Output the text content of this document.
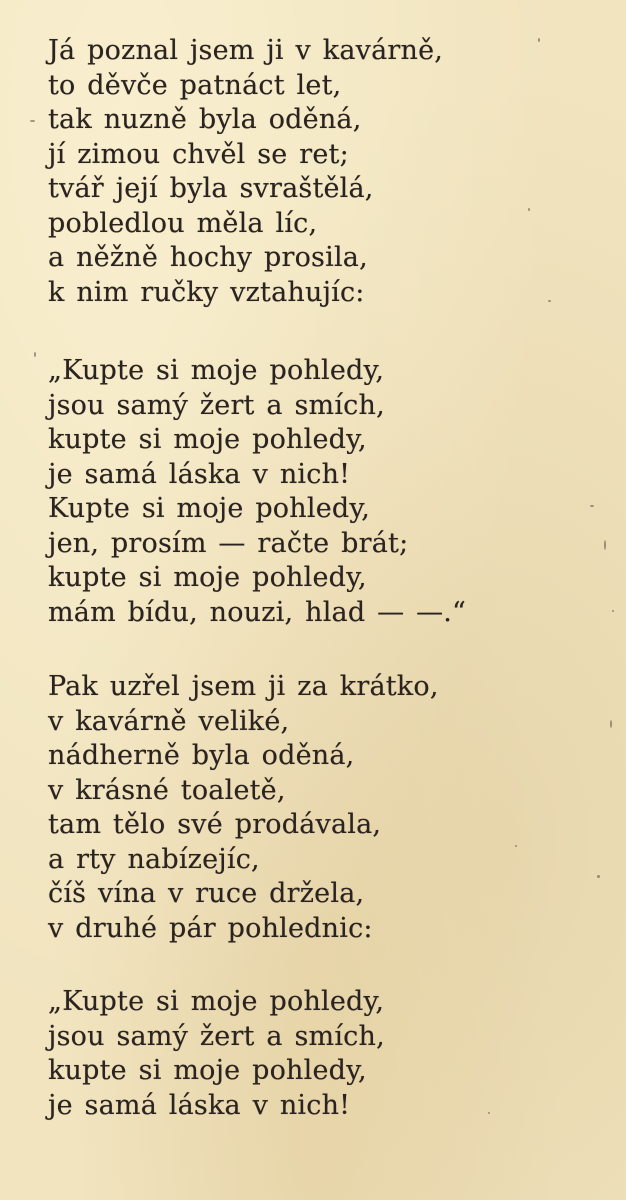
Já poznal jsem ji v kavárně,
to děvče patnáct let,
tak nuzně byla oděná,
jí zimou chvěl se ret;
tvář její byla svraštělá,
pobledlou měla líc,
a něžně hochy prosila,
k nim ručky vztahujíc:
„Kupte si moje pohledy,
jsou samý žert a smích,
kupte si moje pohledy,
je samá láska v nich!
Kupte si moje pohledy,
jen, prosím — račte brát;
kupte si moje pohledy,
mám bídu, nouzi, hlad — —.“
Pak uzřel jsem ji za krátko,
v kavárně veliké,
nádherně byla oděná,
v krásné toaletě,
tam tělo své prodávala,
a rty nabízejíc,
číš vína v ruce držela,
v druhé pár pohlednic:
„Kupte si moje pohledy,
jsou samý žert a smích,
kupte si moje pohledy,
je samá láska v nich!
